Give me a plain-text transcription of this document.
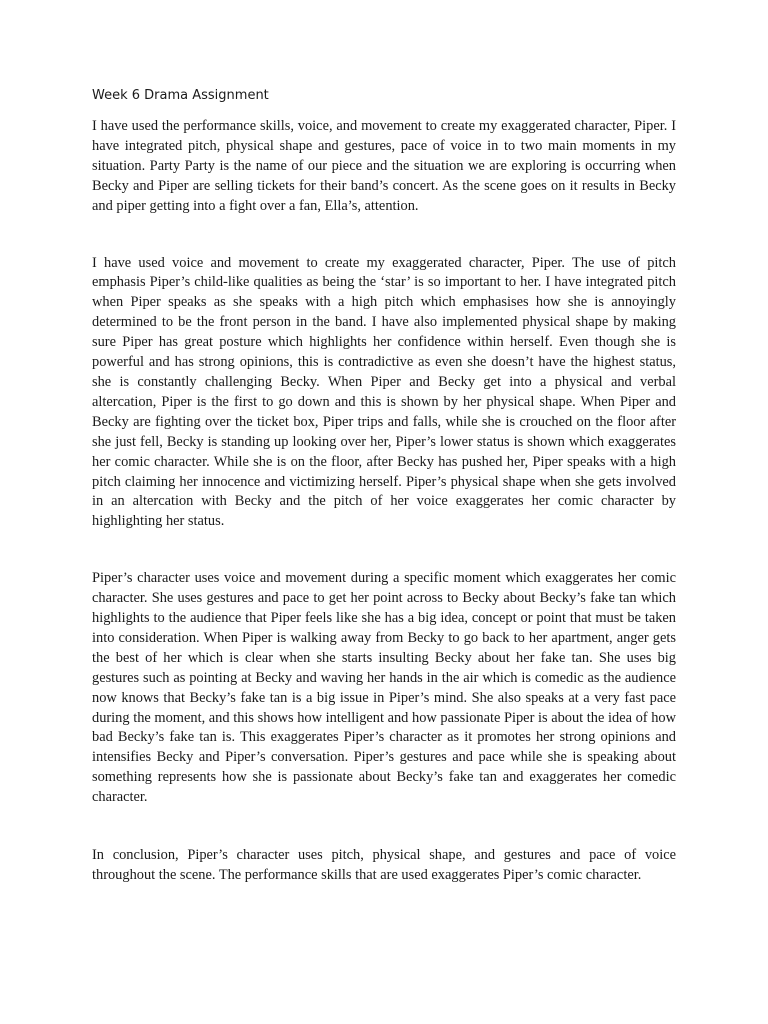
Week 6 Drama Assignment

I have used the performance skills, voice, and movement to create my exaggerated character, Piper. I have integrated pitch, physical shape and gestures, pace of voice in to two main moments in my situation. Party Party is the name of our piece and the situation we are exploring is occurring when Becky and Piper are selling tickets for their band’s concert. As the scene goes on it results in Becky and piper getting into a fight over a fan, Ella’s, attention.

I have used voice and movement to create my exaggerated character, Piper. The use of pitch emphasis Piper’s child-like qualities as being the ‘star’ is so important to her. I have integrated pitch when Piper speaks as she speaks with a high pitch which emphasises how she is annoyingly determined to be the front person in the band. I have also implemented physical shape by making sure Piper has great posture which highlights her confidence within herself. Even though she is powerful and has strong opinions, this is contradictive as even she doesn’t have the highest status, she is constantly challenging Becky. When Piper and Becky get into a physical and verbal altercation, Piper is the first to go down and this is shown by her physical shape. When Piper and Becky are fighting over the ticket box, Piper trips and falls, while she is crouched on the floor after she just fell, Becky is standing up looking over her, Piper’s lower status is shown which exaggerates her comic character. While she is on the floor, after Becky has pushed her, Piper speaks with a high pitch claiming her innocence and victimizing herself. Piper’s physical shape when she gets involved in an altercation with Becky and the pitch of her voice exaggerates her comic character by highlighting her status.

Piper’s character uses voice and movement during a specific moment which exaggerates her comic character. She uses gestures and pace to get her point across to Becky about Becky’s fake tan which highlights to the audience that Piper feels like she has a big idea, concept or point that must be taken into consideration. When Piper is walking away from Becky to go back to her apartment, anger gets the best of her which is clear when she starts insulting Becky about her fake tan. She uses big gestures such as pointing at Becky and waving her hands in the air which is comedic as the audience now knows that Becky’s fake tan is a big issue in Piper’s mind. She also speaks at a very fast pace during the moment, and this shows how intelligent and how passionate Piper is about the idea of how bad Becky’s fake tan is. This exaggerates Piper’s character as it promotes her strong opinions and intensifies Becky and Piper’s conversation. Piper’s gestures and pace while she is speaking about something represents how she is passionate about Becky’s fake tan and exaggerates her comedic character.

In conclusion, Piper’s character uses pitch, physical shape, and gestures and pace of voice throughout the scene. The performance skills that are used exaggerates Piper’s comic character.
